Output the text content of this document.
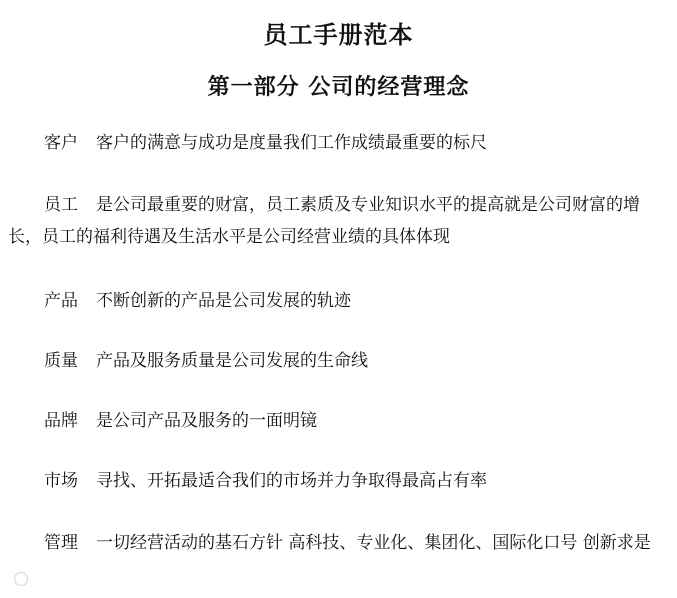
员工手册范本
第一部分 公司的经营理念
客户 客户的满意与成功是度量我们工作成绩最重要的标尺
员工 是公司最重要的财富，员工素质及专业知识水平的提高就是公司财富的增长，员工的福利待遇及生活水平是公司经营业绩的具体体现
产品 不断创新的产品是公司发展的轨迹
质量 产品及服务质量是公司发展的生命线
品牌 是公司产品及服务的一面明镜
市场 寻找、开拓最适合我们的市场并力争取得最高占有率
管理 一切经营活动的基石方针 高科技、专业化、集团化、国际化口号 创新求是
